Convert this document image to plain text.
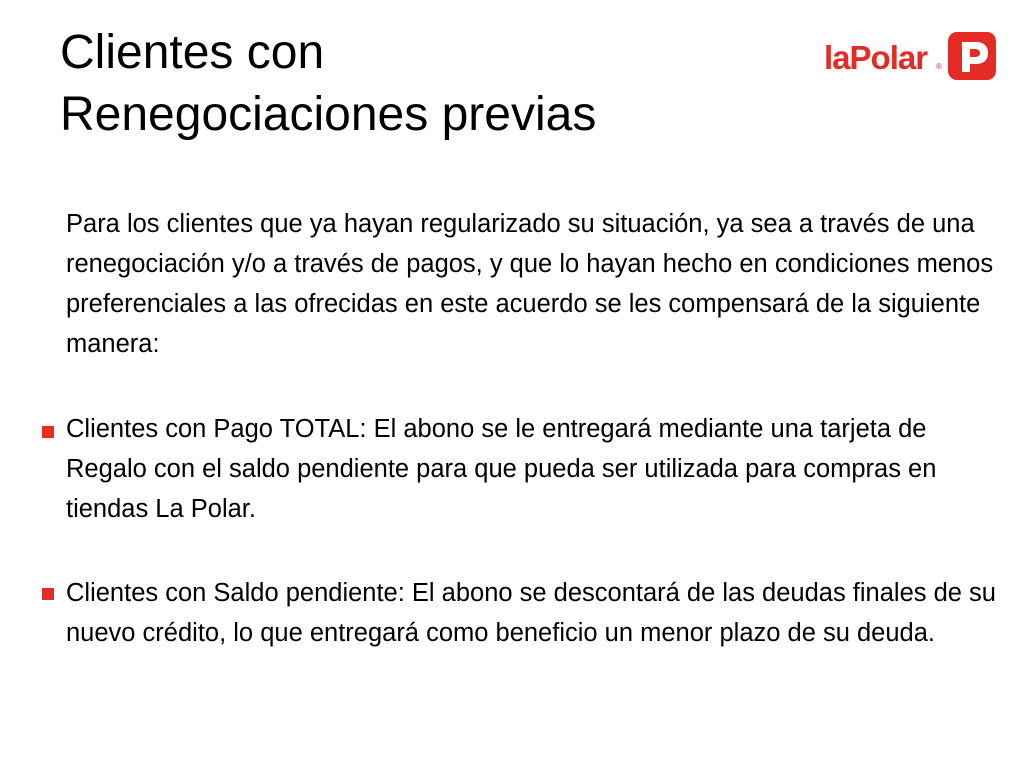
Clientes con
Renegociaciones previas
laPolar ®

Para los clientes que ya hayan regularizado su situación, ya sea a través de una renegociación y/o a través de pagos, y que lo hayan hecho en condiciones menos preferenciales a las ofrecidas en este acuerdo se les compensará de la siguiente manera:

Clientes con Pago TOTAL: El abono se le entregará mediante una tarjeta de Regalo con el saldo pendiente para que pueda ser utilizada para compras en tiendas La Polar.

Clientes con Saldo pendiente: El abono se descontará de las deudas finales de su nuevo crédito, lo que entregará como beneficio un menor plazo de su deuda.
